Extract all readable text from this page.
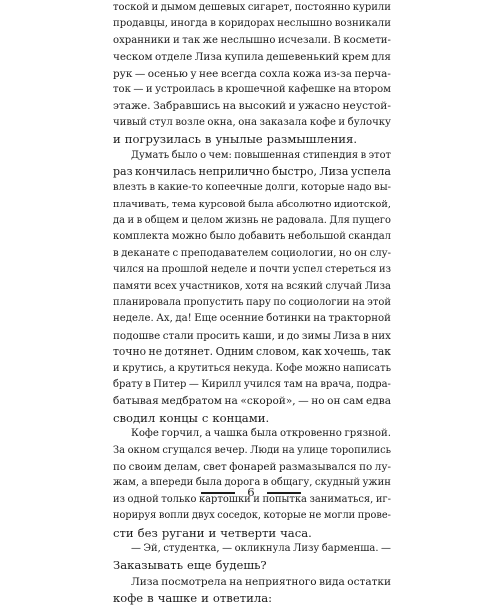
тоской и дымом дешевых сигарет, постоянно курили
продавцы, иногда в коридорах неслышно возникали
охранники и так же неслышно исчезали. В космети-
ческом отделе Лиза купила дешевенький крем для
рук — осенью у нее всегда сохла кожа из-за перча-
ток — и устроилась в крошечной кафешке на втором
этаже. Забравшись на высокий и ужасно неустой-
чивый стул возле окна, она заказала кофе и булочку
и погрузилась в унылые размышления.
Думать было о чем: повышенная стипендия в этот
раз кончилась неприлично быстро, Лиза успела
влезть в какие-то копеечные долги, которые надо вы-
плачивать, тема курсовой была абсолютно идиотской,
да и в общем и целом жизнь не радовала. Для пущего
комплекта можно было добавить небольшой скандал
в деканате с преподавателем социологии, но он слу-
чился на прошлой неделе и почти успел стереться из
памяти всех участников, хотя на всякий случай Лиза
планировала пропустить пару по социологии на этой
неделе. Ах, да! Еще осенние ботинки на тракторной
подошве стали просить каши, и до зимы Лиза в них
точно не дотянет. Одним словом, как хочешь, так
и крутись, а крутиться некуда. Кофе можно написать
брату в Питер — Кирилл учился там на врача, подра-
батывая медбратом на «скорой», — но он сам едва
сводил концы с концами.
Кофе горчил, а чашка была откровенно грязной.
За окном сгущался вечер. Люди на улице торопились
по своим делам, свет фонарей размазывался по лу-
жам, а впереди была дорога в общагу, скудный ужин
из одной только картошки и попытка заниматься, иг-
норируя вопли двух соседок, которые не могли прове-
сти без ругани и четверти часа.
— Эй, студентка, — окликнула Лизу барменша. —
Заказывать еще будешь?
Лиза посмотрела на неприятного вида остатки
кофе в чашке и ответила:
6
